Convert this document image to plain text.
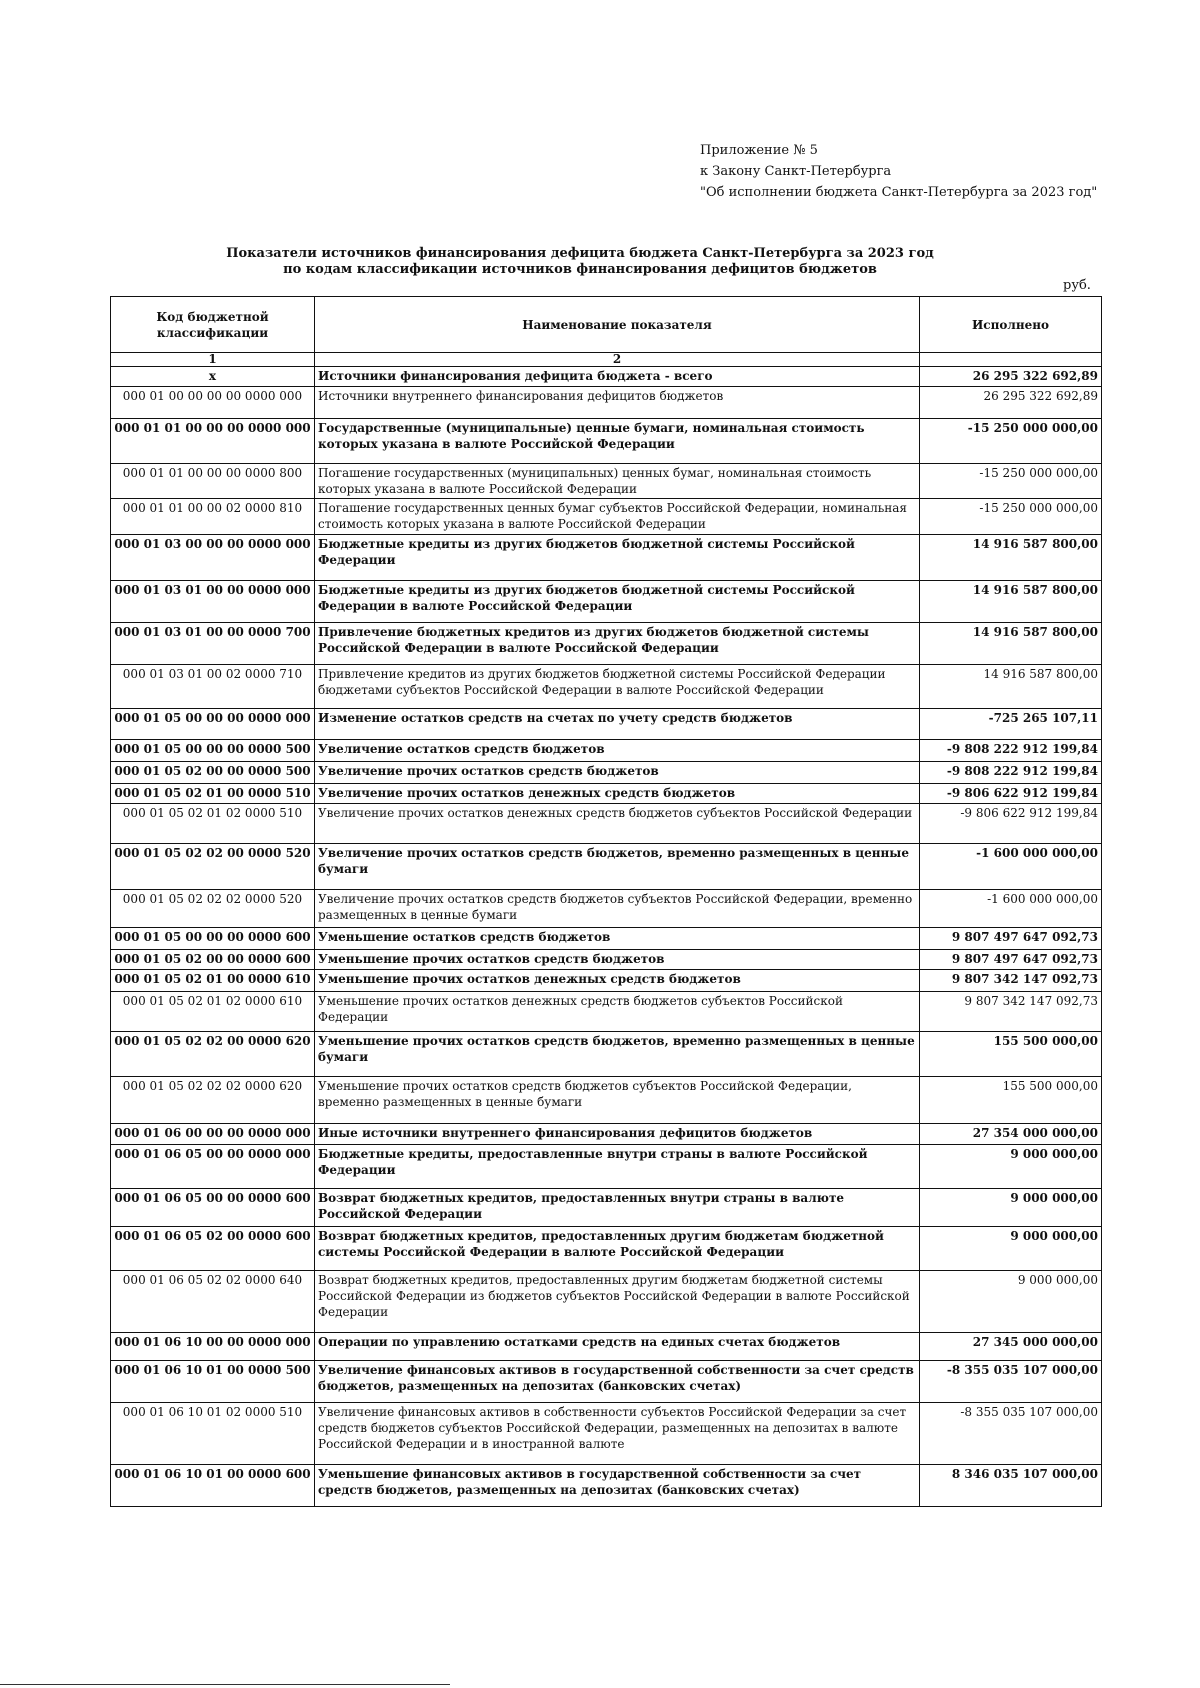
Приложение № 5
к Закону Санкт-Петербурга
"Об исполнении бюджета Санкт-Петербурга за 2023 год"
Показатели источников финансирования дефицита бюджета Санкт-Петербурга за 2023 год
по кодам классификации источников финансирования дефицитов бюджетов
руб.
Код бюджетной классификации	Наименование показателя	Исполнено
1	2	
x	Источники финансирования дефицита бюджета - всего	26 295 322 692,89
000 01 00 00 00 00 0000 000	Источники внутреннего финансирования дефицитов бюджетов	26 295 322 692,89
000 01 01 00 00 00 0000 000	Государственные (муниципальные) ценные бумаги, номинальная стоимость которых указана в валюте Российской Федерации	-15 250 000 000,00
000 01 01 00 00 00 0000 800	Погашение государственных (муниципальных) ценных бумаг, номинальная стоимость которых указана в валюте Российской Федерации	-15 250 000 000,00
000 01 01 00 00 02 0000 810	Погашение государственных ценных бумаг субъектов Российской Федерации, номинальная стоимость которых указана в валюте Российской Федерации	-15 250 000 000,00
000 01 03 00 00 00 0000 000	Бюджетные кредиты из других бюджетов бюджетной системы Российской Федерации	14 916 587 800,00
000 01 03 01 00 00 0000 000	Бюджетные кредиты из других бюджетов бюджетной системы Российской Федерации в валюте Российской Федерации	14 916 587 800,00
000 01 03 01 00 00 0000 700	Привлечение бюджетных кредитов из других бюджетов бюджетной системы Российской Федерации в валюте Российской Федерации	14 916 587 800,00
000 01 03 01 00 02 0000 710	Привлечение кредитов из других бюджетов бюджетной системы Российской Федерации бюджетами субъектов Российской Федерации в валюте Российской Федерации	14 916 587 800,00
000 01 05 00 00 00 0000 000	Изменение остатков средств на счетах по учету средств бюджетов	-725 265 107,11
000 01 05 00 00 00 0000 500	Увеличение остатков средств бюджетов	-9 808 222 912 199,84
000 01 05 02 00 00 0000 500	Увеличение прочих остатков средств бюджетов	-9 808 222 912 199,84
000 01 05 02 01 00 0000 510	Увеличение прочих остатков денежных средств бюджетов	-9 806 622 912 199,84
000 01 05 02 01 02 0000 510	Увеличение прочих остатков денежных средств бюджетов субъектов Российской Федерации	-9 806 622 912 199,84
000 01 05 02 02 00 0000 520	Увеличение прочих остатков средств бюджетов, временно размещенных в ценные бумаги	-1 600 000 000,00
000 01 05 02 02 02 0000 520	Увеличение прочих остатков средств бюджетов субъектов Российской Федерации, временно размещенных в ценные бумаги	-1 600 000 000,00
000 01 05 00 00 00 0000 600	Уменьшение остатков средств бюджетов	9 807 497 647 092,73
000 01 05 02 00 00 0000 600	Уменьшение прочих остатков средств бюджетов	9 807 497 647 092,73
000 01 05 02 01 00 0000 610	Уменьшение прочих остатков денежных средств бюджетов	9 807 342 147 092,73
000 01 05 02 01 02 0000 610	Уменьшение прочих остатков денежных средств бюджетов субъектов Российской Федерации	9 807 342 147 092,73
000 01 05 02 02 00 0000 620	Уменьшение прочих остатков средств бюджетов, временно размещенных в ценные бумаги	155 500 000,00
000 01 05 02 02 02 0000 620	Уменьшение прочих остатков средств бюджетов субъектов Российской Федерации, временно размещенных в ценные бумаги	155 500 000,00
000 01 06 00 00 00 0000 000	Иные источники внутреннего финансирования дефицитов бюджетов	27 354 000 000,00
000 01 06 05 00 00 0000 000	Бюджетные кредиты, предоставленные внутри страны в валюте Российской Федерации	9 000 000,00
000 01 06 05 00 00 0000 600	Возврат бюджетных кредитов, предоставленных внутри страны в валюте Российской Федерации	9 000 000,00
000 01 06 05 02 00 0000 600	Возврат бюджетных кредитов, предоставленных другим бюджетам бюджетной системы Российской Федерации в валюте Российской Федерации	9 000 000,00
000 01 06 05 02 02 0000 640	Возврат бюджетных кредитов, предоставленных другим бюджетам бюджетной системы Российской Федерации из бюджетов субъектов Российской Федерации в валюте Российской Федерации	9 000 000,00
000 01 06 10 00 00 0000 000	Операции по управлению остатками средств на единых счетах бюджетов	27 345 000 000,00
000 01 06 10 01 00 0000 500	Увеличение финансовых активов в государственной собственности за счет средств бюджетов, размещенных на депозитах (банковских счетах)	-8 355 035 107 000,00
000 01 06 10 01 02 0000 510	Увеличение финансовых активов в собственности субъектов Российской Федерации за счет средств бюджетов субъектов Российской Федерации, размещенных на депозитах в валюте Российской Федерации и в иностранной валюте	-8 355 035 107 000,00
000 01 06 10 01 00 0000 600	Уменьшение финансовых активов в государственной собственности за счет средств бюджетов, размещенных на депозитах (банковских счетах)	8 346 035 107 000,00
